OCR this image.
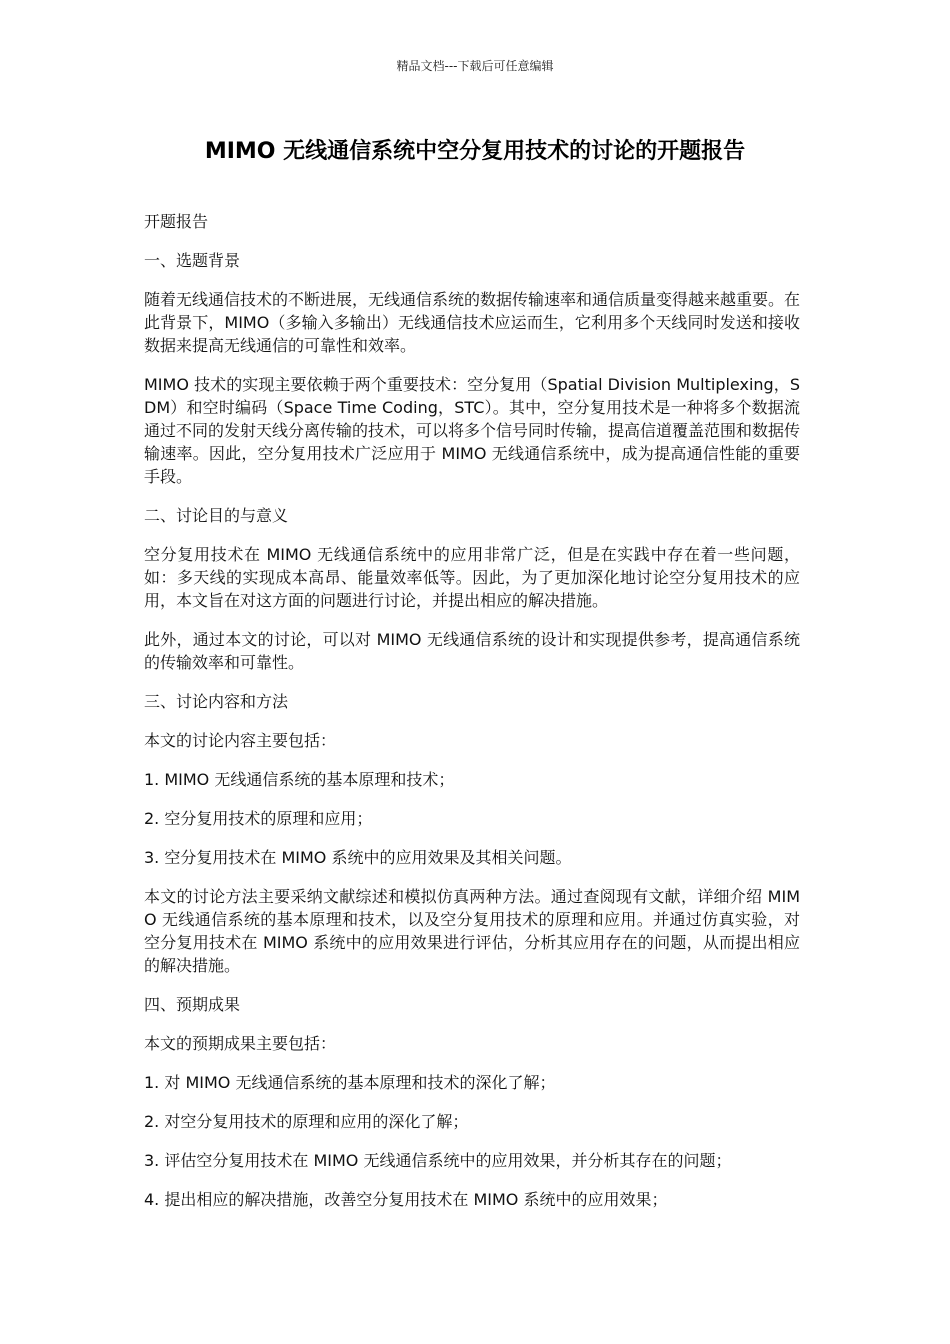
精品文档---下载后可任意编辑
MIMO 无线通信系统中空分复用技术的讨论的开题报告

开题报告

一、选题背景

随着无线通信技术的不断进展，无线通信系统的数据传输速率和通信质量变得越来越重要。在此背景下，MIMO（多输入多输出）无线通信技术应运而生，它利用多个天线同时发送和接收数据来提高无线通信的可靠性和效率。

MIMO 技术的实现主要依赖于两个重要技术：空分复用（Spatial Division Multiplexing，SDM）和空时编码（Space Time Coding，STC）。其中，空分复用技术是一种将多个数据流通过不同的发射天线分离传输的技术，可以将多个信号同时传输，提高信道覆盖范围和数据传输速率。因此，空分复用技术广泛应用于 MIMO 无线通信系统中，成为提高通信性能的重要手段。

二、讨论目的与意义

空分复用技术在 MIMO 无线通信系统中的应用非常广泛，但是在实践中存在着一些问题，如：多天线的实现成本高昂、能量效率低等。因此，为了更加深化地讨论空分复用技术的应用，本文旨在对这方面的问题进行讨论，并提出相应的解决措施。

此外，通过本文的讨论，可以对 MIMO 无线通信系统的设计和实现提供参考，提高通信系统的传输效率和可靠性。

三、讨论内容和方法

本文的讨论内容主要包括：

1. MIMO 无线通信系统的基本原理和技术；

2. 空分复用技术的原理和应用；

3. 空分复用技术在 MIMO 系统中的应用效果及其相关问题。

本文的讨论方法主要采纳文献综述和模拟仿真两种方法。通过查阅现有文献，详细介绍 MIMO 无线通信系统的基本原理和技术，以及空分复用技术的原理和应用。并通过仿真实验，对空分复用技术在 MIMO 系统中的应用效果进行评估，分析其应用存在的问题，从而提出相应的解决措施。

四、预期成果

本文的预期成果主要包括：

1. 对 MIMO 无线通信系统的基本原理和技术的深化了解；

2. 对空分复用技术的原理和应用的深化了解；

3. 评估空分复用技术在 MIMO 无线通信系统中的应用效果，并分析其存在的问题；

4. 提出相应的解决措施，改善空分复用技术在 MIMO 系统中的应用效果；
